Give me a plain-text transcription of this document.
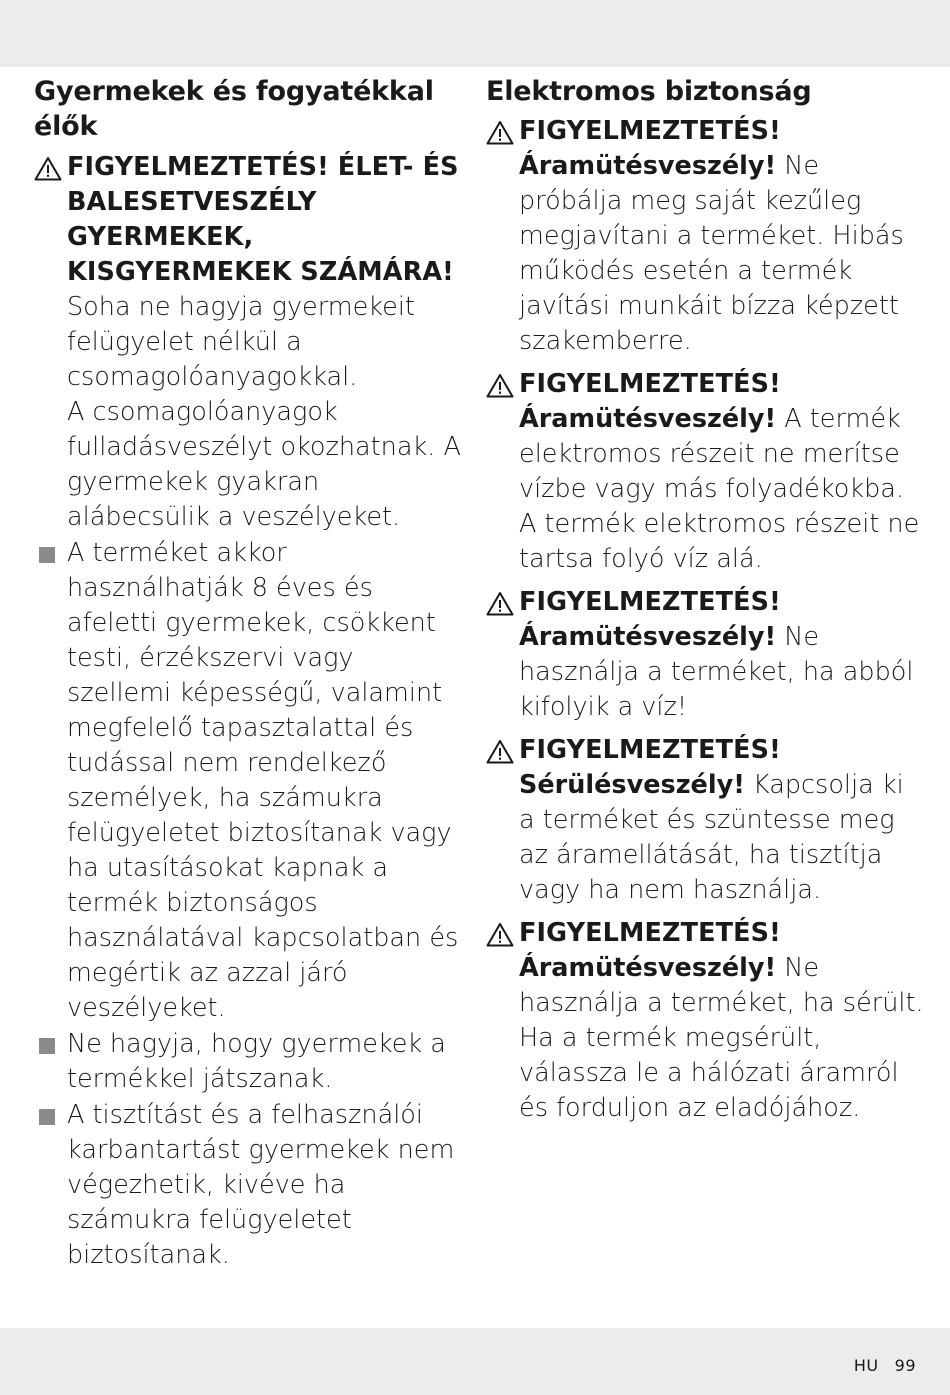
Gyermekek és fogyatékkal élők
FIGYELMEZTETÉS! ÉLET- ÉS BALESETVESZÉLY GYERMEKEK, KISGYERMEKEK SZÁMÁRA!
Soha ne hagyja gyermekeit felügyelet nélkül a csomagolóanyagokkal.
A csomagolóanyagok fulladásveszélyt okozhatnak. A gyermekek gyakran alábecsülik a veszélyeket.
A terméket akkor használhatják 8 éves és afeletti gyermekek, csökkent testi, érzékszervi vagy szellemi képességű, valamint megfelelő tapasztalattal és tudással nem rendelkező személyek, ha számukra felügyeletet biztosítanak vagy ha utasításokat kapnak a termék biztonságos használatával kapcsolatban és megértik az azzal járó veszélyeket.
Ne hagyja, hogy gyermekek a termékkel játszanak.
A tisztítást és a felhasználói karbantartást gyermekek nem végezhetik, kivéve ha számukra felügyeletet biztosítanak.
Elektromos biztonság
FIGYELMEZTETÉS!
Áramütésveszély! Ne próbálja meg saját kezűleg megjavítani a terméket. Hibás működés esetén a termék javítási munkáit bízza képzett szakemberre.
FIGYELMEZTETÉS!
Áramütésveszély! A termék elektromos részeit ne merítse vízbe vagy más folyadékokba. A termék elektromos részeit ne tartsa folyó víz alá.
FIGYELMEZTETÉS!
Áramütésveszély! Ne használja a terméket, ha abból kifolyik a víz!
FIGYELMEZTETÉS!
Sérülésveszély! Kapcsolja ki a terméket és szüntesse meg az áramellátását, ha tisztítja vagy ha nem használja.
FIGYELMEZTETÉS!
Áramütésveszély! Ne használja a terméket, ha sérült. Ha a termék megsérült, válassza le a hálózati áramról és forduljon az eladójához.
HU 99
